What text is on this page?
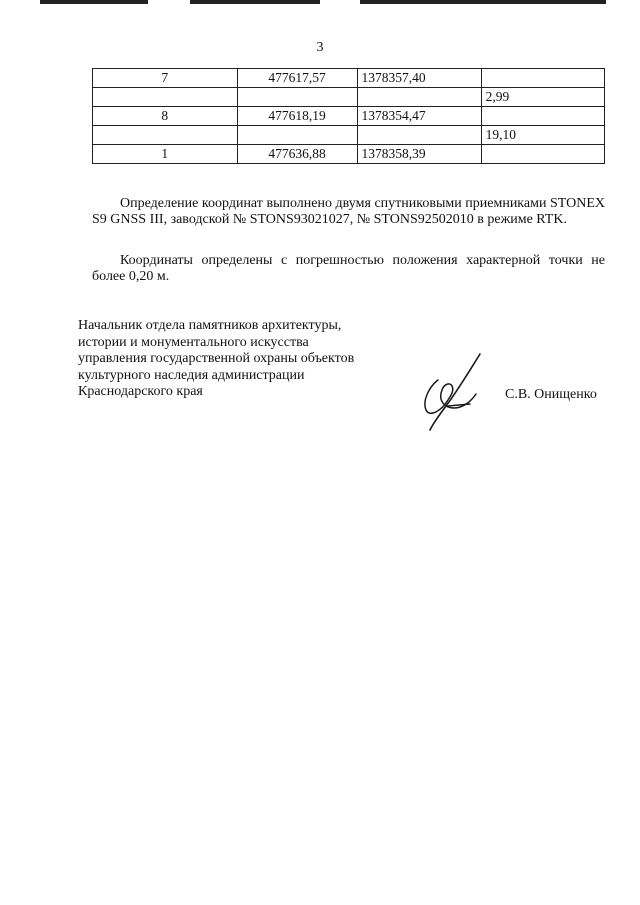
3
7	477617,57	1378357,40	
			2,99
8	477618,19	1378354,47	
			19,10
1	477636,88	1378358,39	

Определение координат выполнено двумя спутниковыми приемниками STONEX S9 GNSS III, заводской № STONS93021027, № STONS92502010 в режиме RTK.

Координаты определены с погрешностью положения характерной точки не более 0,20 м.

Начальник отдела памятников архитектуры,
истории и монументального искусства
управления государственной охраны объектов
культурного наследия администрации
Краснодарского края	С.В. Онищенко
